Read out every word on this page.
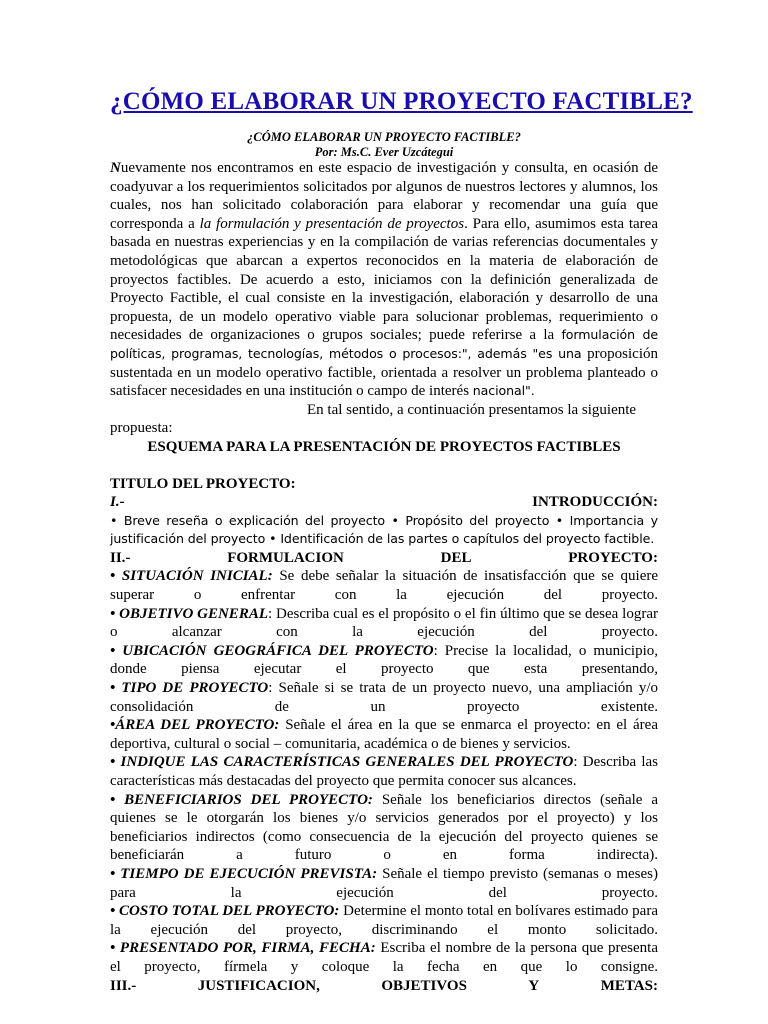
¿CÓMO ELABORAR UN PROYECTO FACTIBLE?
¿CÓMO ELABORAR UN PROYECTO FACTIBLE?
Por: Ms.C. Ever Uzcátegui

Nuevamente nos encontramos en este espacio de investigación y consulta, en ocasión de coadyuvar a los requerimientos solicitados por algunos de nuestros lectores y alumnos, los cuales, nos han solicitado colaboración para elaborar y recomendar una guía que corresponda a la formulación y presentación de proyectos. Para ello, asumimos esta tarea basada en nuestras experiencias y en la compilación de varias referencias documentales y metodológicas que abarcan a expertos reconocidos en la materia de elaboración de proyectos factibles. De acuerdo a esto, iniciamos con la definición generalizada de Proyecto Factible, el cual consiste en la investigación, elaboración y desarrollo de una propuesta, de un modelo operativo viable para solucionar problemas, requerimiento o necesidades de organizaciones o grupos sociales; puede referirse a la formulación de políticas, programas, tecnologías, métodos o procesos:", además "es una proposición sustentada en un modelo operativo factible, orientada a resolver un problema planteado o satisfacer necesidades en una institución o campo de interés nacional".

En tal sentido, a continuación presentamos la siguiente

propuesta:

ESQUEMA PARA LA PRESENTACIÓN DE PROYECTOS FACTIBLES

TITULO DEL PROYECTO:

I.-	INTRODUCCIÓN:

• Breve reseña o explicación del proyecto • Propósito del proyecto • Importancia y justificación del proyecto • Identificación de las partes o capítulos del proyecto factible.

II.-	FORMULACION	DEL	PROYECTO:

• SITUACIÓN INICIAL: Se debe señalar la situación de insatisfacción que se quiere superar o enfrentar con la ejecución del proyecto.

• OBJETIVO GENERAL: Describa cual es el propósito o el fin último que se desea lograr o alcanzar con la ejecución del proyecto.

• UBICACIÓN GEOGRÁFICA DEL PROYECTO: Precise la localidad, o municipio, donde piensa ejecutar el proyecto que esta presentando,

• TIPO DE PROYECTO: Señale si se trata de un proyecto nuevo, una ampliación y/o consolidación de un proyecto existente.

•ÁREA DEL PROYECTO: Señale el área en la que se enmarca el proyecto: en el área deportiva, cultural o social – comunitaria, académica o de bienes y servicios.

• INDIQUE LAS CARACTERÍSTICAS GENERALES DEL PROYECTO: Describa las características más destacadas del proyecto que permita conocer sus alcances.

• BENEFICIARIOS DEL PROYECTO: Señale los beneficiarios directos (señale a quienes se le otorgarán los bienes y/o servicios generados por el proyecto) y los beneficiarios indirectos (como consecuencia de la ejecución del proyecto quienes se beneficiarán a futuro o en forma indirecta).

• TIEMPO DE EJECUCIÓN PREVISTA: Señale el tiempo previsto (semanas o meses) para la ejecución del proyecto.

• COSTO TOTAL DEL PROYECTO: Determine el monto total en bolívares estimado para la ejecución del proyecto, discriminando el monto solicitado.

• PRESENTADO POR, FIRMA, FECHA: Escriba el nombre de la persona que presenta el proyecto, fírmela y coloque la fecha en que lo consigne.

III.-	JUSTIFICACION,	OBJETIVOS	Y	METAS:
